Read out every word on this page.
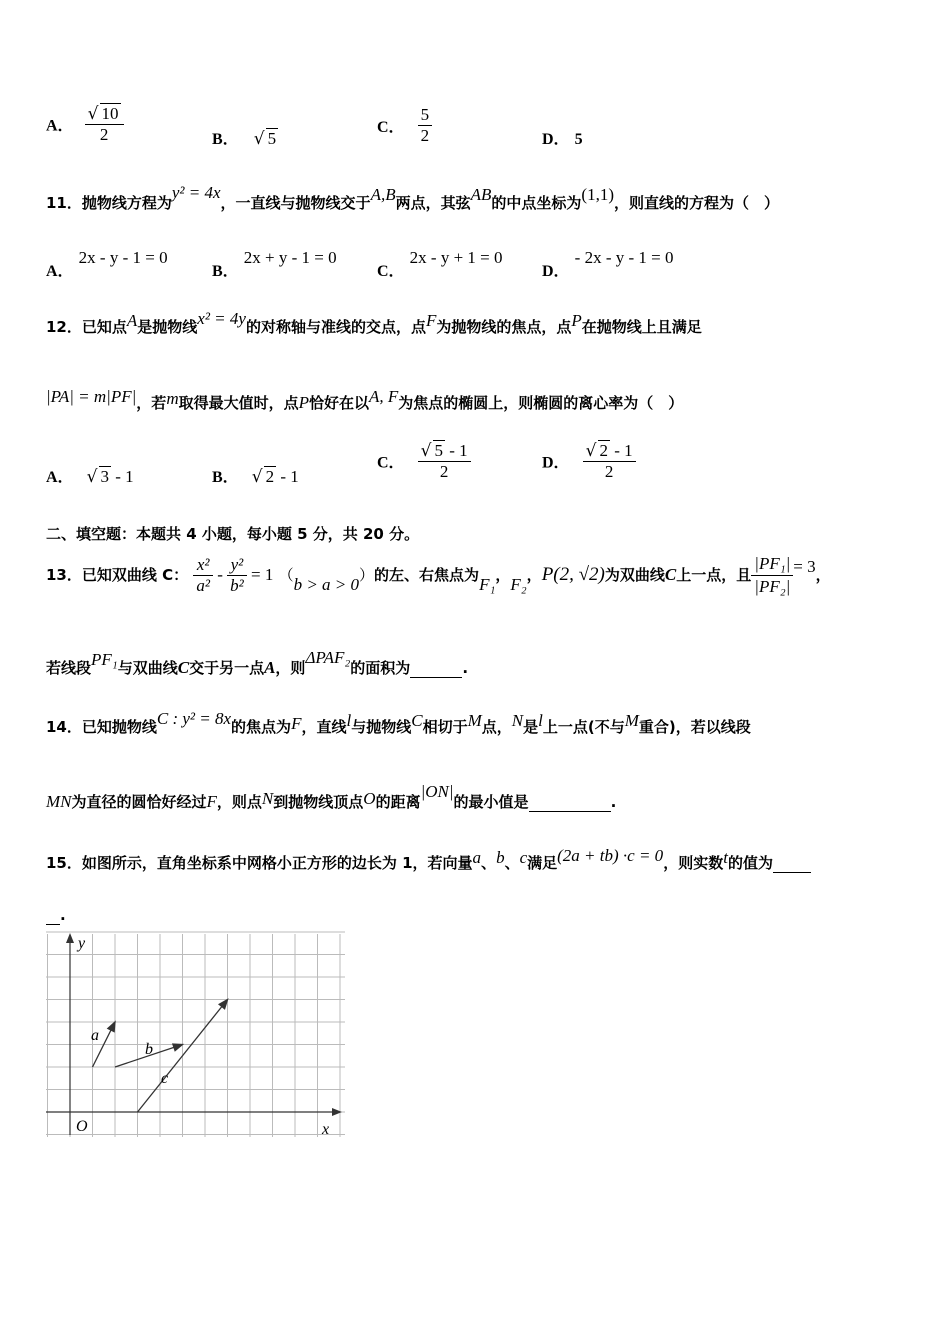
A． $\frac{√ 10}{2}$	B． √ 5
C． $\frac{5}{2}$	D． 5
11．抛物线方程为y² = 4x，一直线与抛物线交于A,B两点，其弦AB的中点坐标为(1,1)，则直线的方程为（　）
A． 2x - y - 1 = 0
B． 2x + y - 1 = 0
C． 2x - y + 1 = 0
D． - 2x - y - 1 = 0
12．已知点A是抛物线x² = 4y的对称轴与准线的交点，点F为抛物线的焦点，点P在抛物线上且满足
|PA| = m|PF|，若m取得最大值时，点P恰好在以A, F为焦点的椭圆上，则椭圆的离心率为（　）
A． √ 3 - 1	B． √ 2 - 1
C． $\frac{√ 5 - 1}{2}$	D． $\frac{√ 2 - 1}{2}$
二、填空题：本题共 4 小题，每小题 5 分，共 20 分。
13．已知双曲线 C： $\frac{\text{x²}}{\text{a²}} - \frac{\text{y²}}{\text{b²}} = 1$ （b > a > 0）的左、右焦点为F₁，F₂，P(2, √2)为双曲线C上一点，且 $\frac{\text{|PF₁|}}{\text{|PF₂|}} = 3$，
若线段PF₁与双曲线C交于另一点A，则ΔPAF₂的面积为	.
14．已知抛物线C : y² = 8x的焦点为F，直线l与抛物线C相切于M点，N是l上一点(不与M重合)，若以线段
MN为直径的圆恰好经过F，则点N到抛物线顶点O的距离|ON|的最小值是	.
15．如图所示，直角坐标系中网格小正方形的边长为 1，若向量a、b、c满足(2a + tb) ·c = 0，则实数t的值为
.
y
x
O
a
b
c
